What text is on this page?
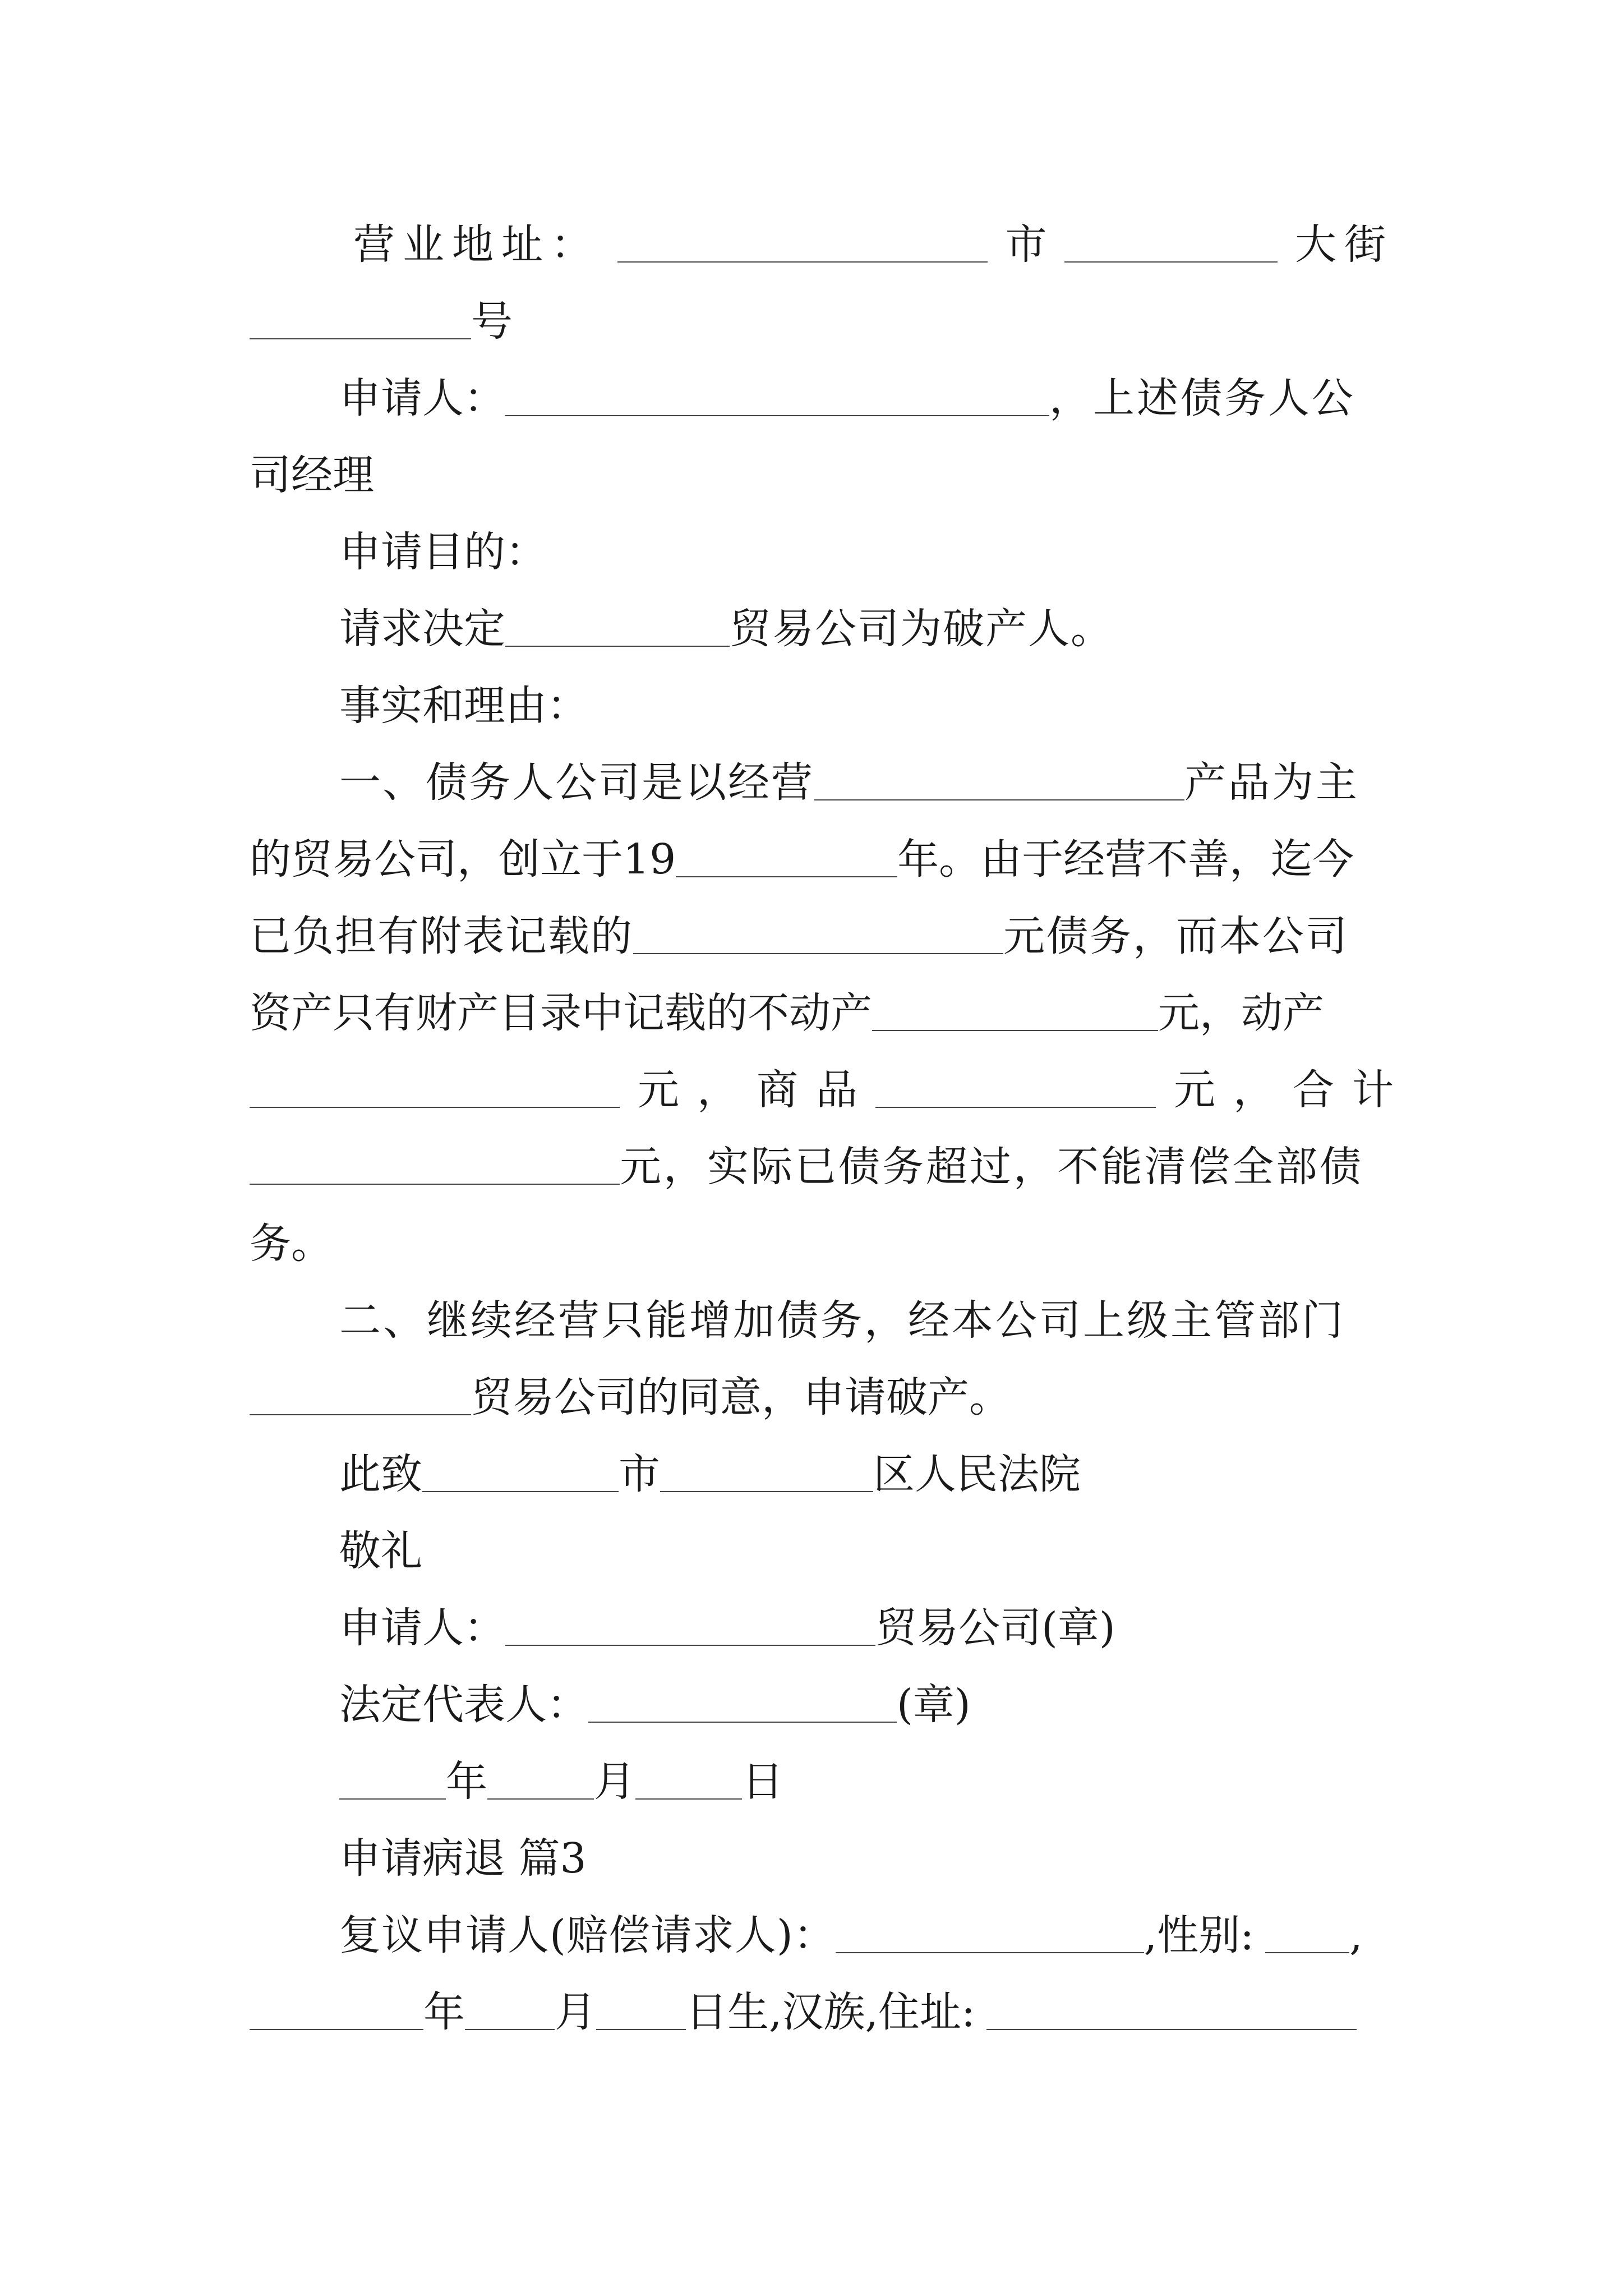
营业地址：	市	大街
号
申请人：	，上述债务人公
司经理
申请目的：
请求决定	贸易公司为破产人。
事实和理由：
一、债务人公司是以经营	产品为主
的贸易公司，创立于19	年。由于经营不善，迄今
已负担有附表记载的	元债务，而本公司
资产只有财产目录中记载的不动产	元，动产
元 ， 商 品	元 ， 合 计
元，实际已债务超过，不能清偿全部债
务。
二、继续经营只能增加债务，经本公司上级主管部门
贸易公司的同意，申请破产。
此致	市	区人民法院
敬礼
申请人：	贸易公司(章)
法定代表人：	(章)
年	月	日
申请病退 篇3
复议申请人(赔偿请求人)：	,性别: ,
年 月 日生,汉族,住址:
